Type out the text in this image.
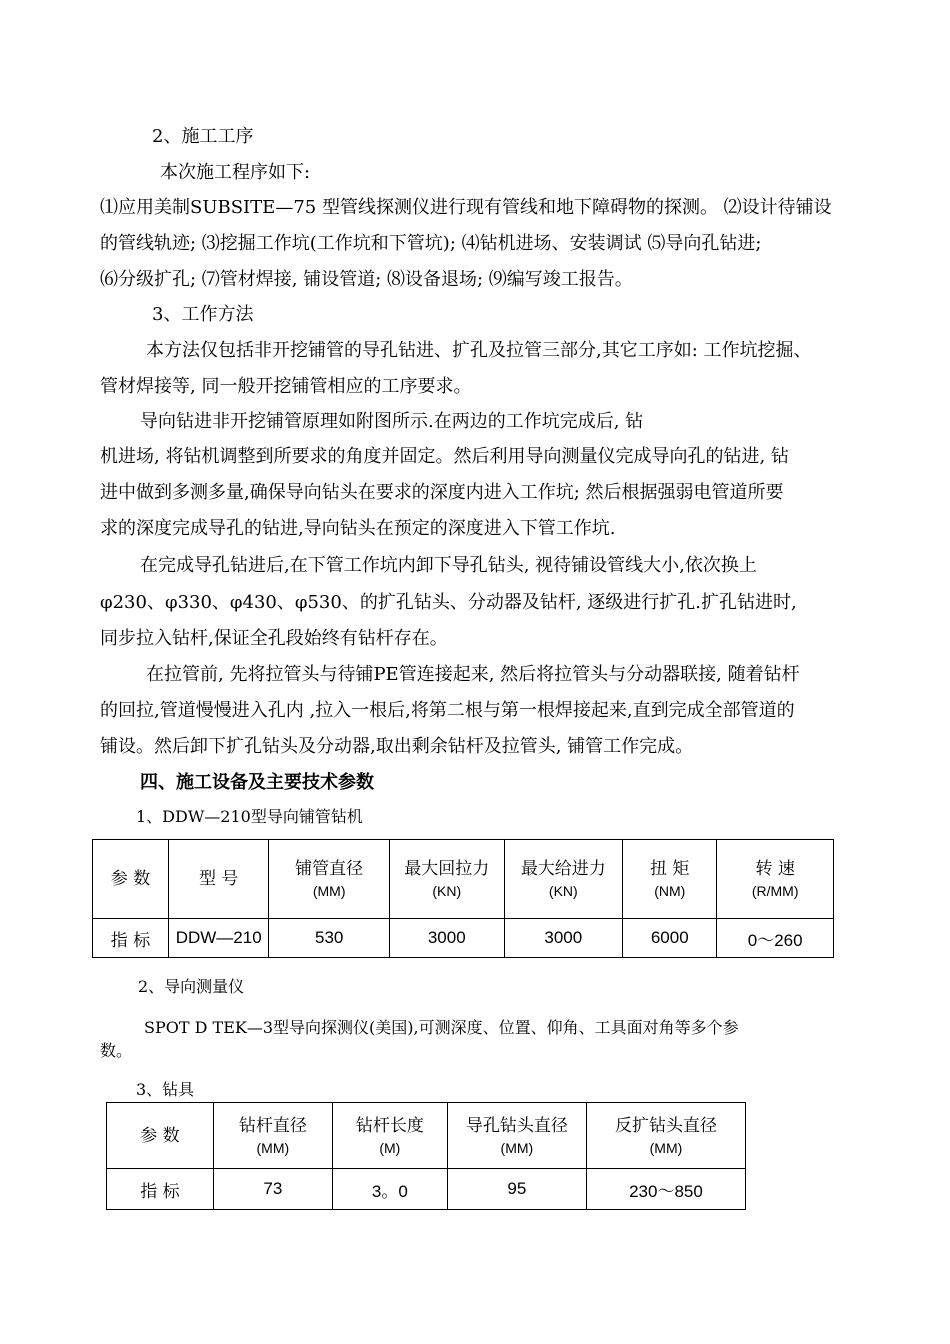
2、施工工序
本次施工程序如下:
⑴应用美制SUBSITE—75 型管线探测仪进行现有管线和地下障碍物的探测。 ⑵设计待铺设
的管线轨迹; ⑶挖掘工作坑(工作坑和下管坑); ⑷钻机进场、安装调试 ⑸导向孔钻进;
⑹分级扩孔; ⑺管材焊接, 铺设管道; ⑻设备退场; ⑼编写竣工报告。
3、工作方法
本方法仅包括非开挖铺管的导孔钻进、扩孔及拉管三部分,其它工序如: 工作坑挖掘、
管材焊接等, 同一般开挖铺管相应的工序要求。
导向钻进非开挖铺管原理如附图所示.在两边的工作坑完成后, 钻
机进场, 将钻机调整到所要求的角度并固定。然后利用导向测量仪完成导向孔的钻进, 钻
进中做到多测多量,确保导向钻头在要求的深度内进入工作坑; 然后根据强弱电管道所要
求的深度完成导孔的钻进,导向钻头在预定的深度进入下管工作坑.
在完成导孔钻进后,在下管工作坑内卸下导孔钻头, 视待铺设管线大小,依次换上
φ230、φ330、φ430、φ530、的扩孔钻头、分动器及钻杆, 逐级进行扩孔.扩孔钻进时,
同步拉入钻杆,保证全孔段始终有钻杆存在。
在拉管前, 先将拉管头与待铺PE管连接起来, 然后将拉管头与分动器联接, 随着钻杆
的回拉,管道慢慢进入孔内 ,拉入一根后,将第二根与第一根焊接起来,直到完成全部管道的
铺设。然后卸下扩孔钻头及分动器,取出剩余钻杆及拉管头, 铺管工作完成。
四、施工设备及主要技术参数
1、DDW—210型导向铺管钻机
参 数	型 号	铺管直径
(MM)	最大回拉力
(KN)	最大给进力
(KN)	扭 矩
(NM)	转 速
(R/MM)

指 标	DDW—210	530	3000	3000	6000	0～260
2、导向测量仪
SPOT D TEK—3型导向探测仪(美国),可测深度、位置、仰角、工具面对角等多个参
数。
3、钻具
参 数	钻杆直径
(MM)	钻杆长度
(M)	导孔钻头直径
(MM)	反扩钻头直径
(MM)

指 标	73	3。0	95	230～850
